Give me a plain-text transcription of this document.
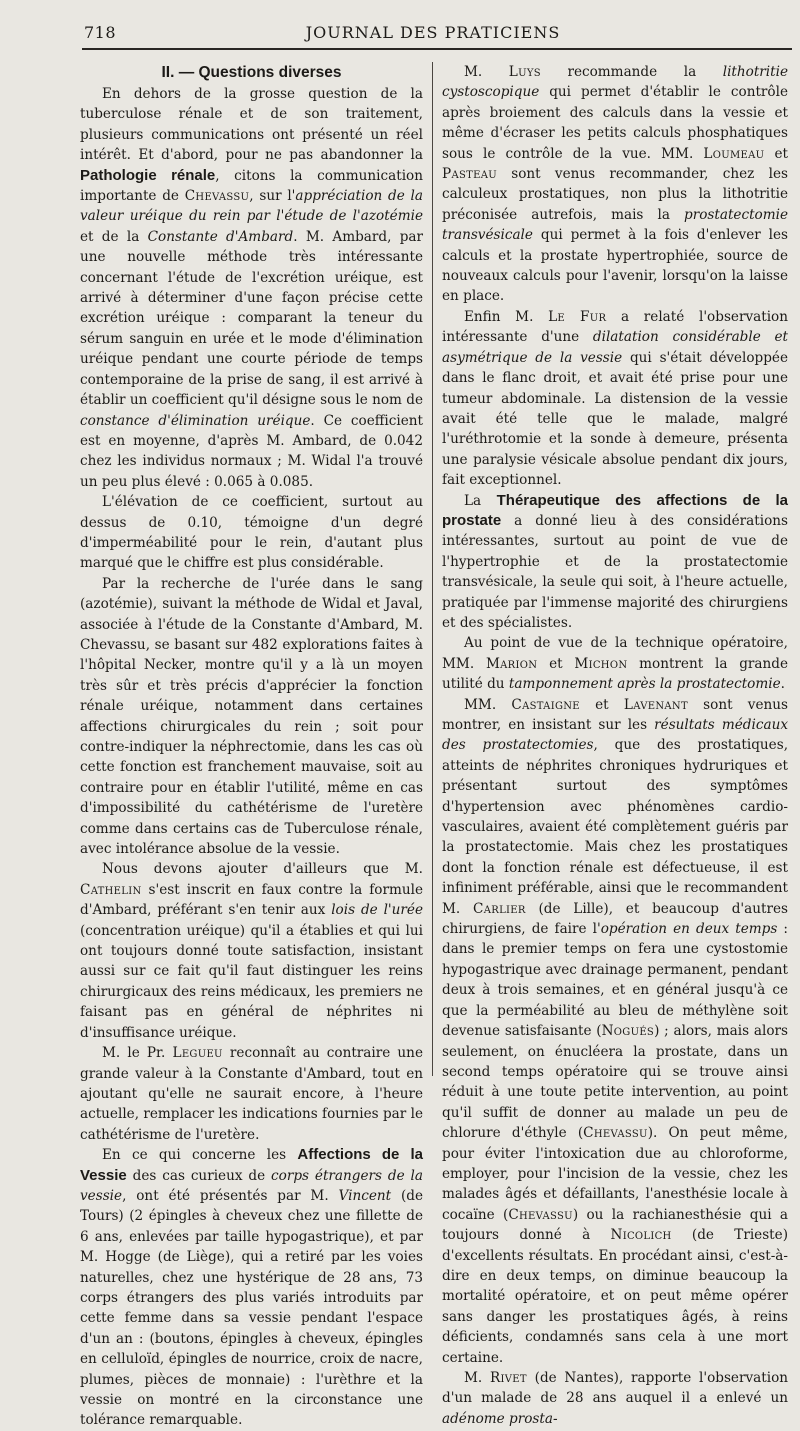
718	JOURNAL DES PRATICIENS
II. — Questions diverses

En dehors de la grosse question de la tuberculose rénale et de son traitement, plusieurs communications ont présenté un réel intérêt. Et d'abord, pour ne pas abandonner la Pathologie rénale, citons la communication importante de Chevassu, sur l'appréciation de la valeur uréique du rein par l'étude de l'azotémie et de la Constante d'Ambard. M. Ambard, par une nouvelle méthode très intéressante concernant l'étude de l'excrétion uréique, est arrivé à déterminer d'une façon précise cette excrétion uréique : comparant la teneur du sérum sanguin en urée et le mode d'élimination uréique pendant une courte période de temps contemporaine de la prise de sang, il est arrivé à établir un coefficient qu'il désigne sous le nom de constance d'élimination uréique. Ce coefficient est en moyenne, d'après M. Ambard, de 0.042 chez les individus normaux ; M. Widal l'a trouvé un peu plus élevé : 0.065 à 0.085.

L'élévation de ce coefficient, surtout au dessus de 0.10, témoigne d'un degré d'imperméabilité pour le rein, d'autant plus marqué que le chiffre est plus considérable.

Par la recherche de l'urée dans le sang (azotémie), suivant la méthode de Widal et Javal, associée à l'étude de la Constante d'Ambard, M. Chevassu, se basant sur 482 explorations faites à l'hôpital Necker, montre qu'il y a là un moyen très sûr et très précis d'apprécier la fonction rénale uréique, notamment dans certaines affections chirurgicales du rein ; soit pour contre-indiquer la néphrectomie, dans les cas où cette fonction est franchement mauvaise, soit au contraire pour en établir l'utilité, même en cas d'impossibilité du cathétérisme de l'uretère comme dans certains cas de Tuberculose rénale, avec intolérance absolue de la vessie.

Nous devons ajouter d'ailleurs que M. Cathelin s'est inscrit en faux contre la formule d'Ambard, préférant s'en tenir aux lois de l'urée (concentration uréique) qu'il a établies et qui lui ont toujours donné toute satisfaction, insistant aussi sur ce fait qu'il faut distinguer les reins chirurgicaux des reins médicaux, les premiers ne faisant pas en général de néphrites ni d'insuffisance uréique.

M. le Pr. Legueu reconnaît au contraire une grande valeur à la Constante d'Ambard, tout en ajoutant qu'elle ne saurait encore, à l'heure actuelle, remplacer les indications fournies par le cathétérisme de l'uretère.

En ce qui concerne les Affections de la Vessie des cas curieux de corps étrangers de la vessie, ont été présentés par M. Vincent (de Tours) (2 épingles à cheveux chez une fillette de 6 ans, enlevées par taille hypogastrique), et par M. Hogge (de Liège), qui a retiré par les voies naturelles, chez une hystérique de 28 ans, 73 corps étrangers des plus variés introduits par cette femme dans sa vessie pendant l'espace d'un an : (boutons, épingles à cheveux, épingles en celluloïd, épingles de nourrice, croix de nacre, plumes, pièces de monnaie) : l'urèthre et la vessie on montré en la circonstance une tolérance remarquable.

M. Luys recommande la lithotritie cystoscopique qui permet d'établir le contrôle après broiement des calculs dans la vessie et même d'écraser les petits calculs phosphatiques sous le contrôle de la vue. MM. Loumeau et Pasteau sont venus recommander, chez les calculeux prostatiques, non plus la lithotritie préconisée autrefois, mais la prostatectomie transvésicale qui permet à la fois d'enlever les calculs et la prostate hypertrophiée, source de nouveaux calculs pour l'avenir, lorsqu'on la laisse en place.

Enfin M. Le Fur a relaté l'observation intéressante d'une dilatation considérable et asymétrique de la vessie qui s'était développée dans le flanc droit, et avait été prise pour une tumeur abdominale. La distension de la vessie avait été telle que le malade, malgré l'uréthrotomie et la sonde à demeure, présenta une paralysie vésicale absolue pendant dix jours, fait exceptionnel.

La Thérapeutique des affections de la prostate a donné lieu à des considérations intéressantes, surtout au point de vue de l'hypertrophie et de la prostatectomie transvésicale, la seule qui soit, à l'heure actuelle, pratiquée par l'immense majorité des chirurgiens et des spécialistes.

Au point de vue de la technique opératoire, MM. Marion et Michon montrent la grande utilité du tamponnement après la prostatectomie.

MM. Castaigne et Lavenant sont venus montrer, en insistant sur les résultats médicaux des prostatectomies, que des prostatiques, atteints de néphrites chroniques hydruriques et présentant surtout des symptômes d'hypertension avec phénomènes cardio-vasculaires, avaient été complètement guéris par la prostatectomie. Mais chez les prostatiques dont la fonction rénale est défectueuse, il est infiniment préférable, ainsi que le recommandent M. Carlier (de Lille), et beaucoup d'autres chirurgiens, de faire l'opération en deux temps : dans le premier temps on fera une cystostomie hypogastrique avec drainage permanent, pendant deux à trois semaines, et en général jusqu'à ce que la perméabilité au bleu de méthylène soit devenue satisfaisante (Nogués) ; alors, mais alors seulement, on énucléera la prostate, dans un second temps opératoire qui se trouve ainsi réduit à une toute petite intervention, au point qu'il suffit de donner au malade un peu de chlorure d'éthyle (Chevassu). On peut même, pour éviter l'intoxication due au chloroforme, employer, pour l'incision de la vessie, chez les malades âgés et défaillants, l'anesthésie locale à cocaïne (Chevassu) ou la rachianesthésie qui a toujours donné à Nicolich (de Trieste) d'excellents résultats. En procédant ainsi, c'est-à-dire en deux temps, on diminue beaucoup la mortalité opératoire, et on peut même opérer sans danger les prostatiques âgés, à reins déficients, condamnés sans cela à une mort certaine.

M. Rivet (de Nantes), rapporte l'observation d'un malade de 28 ans auquel il a enlevé un adénome prosta-
